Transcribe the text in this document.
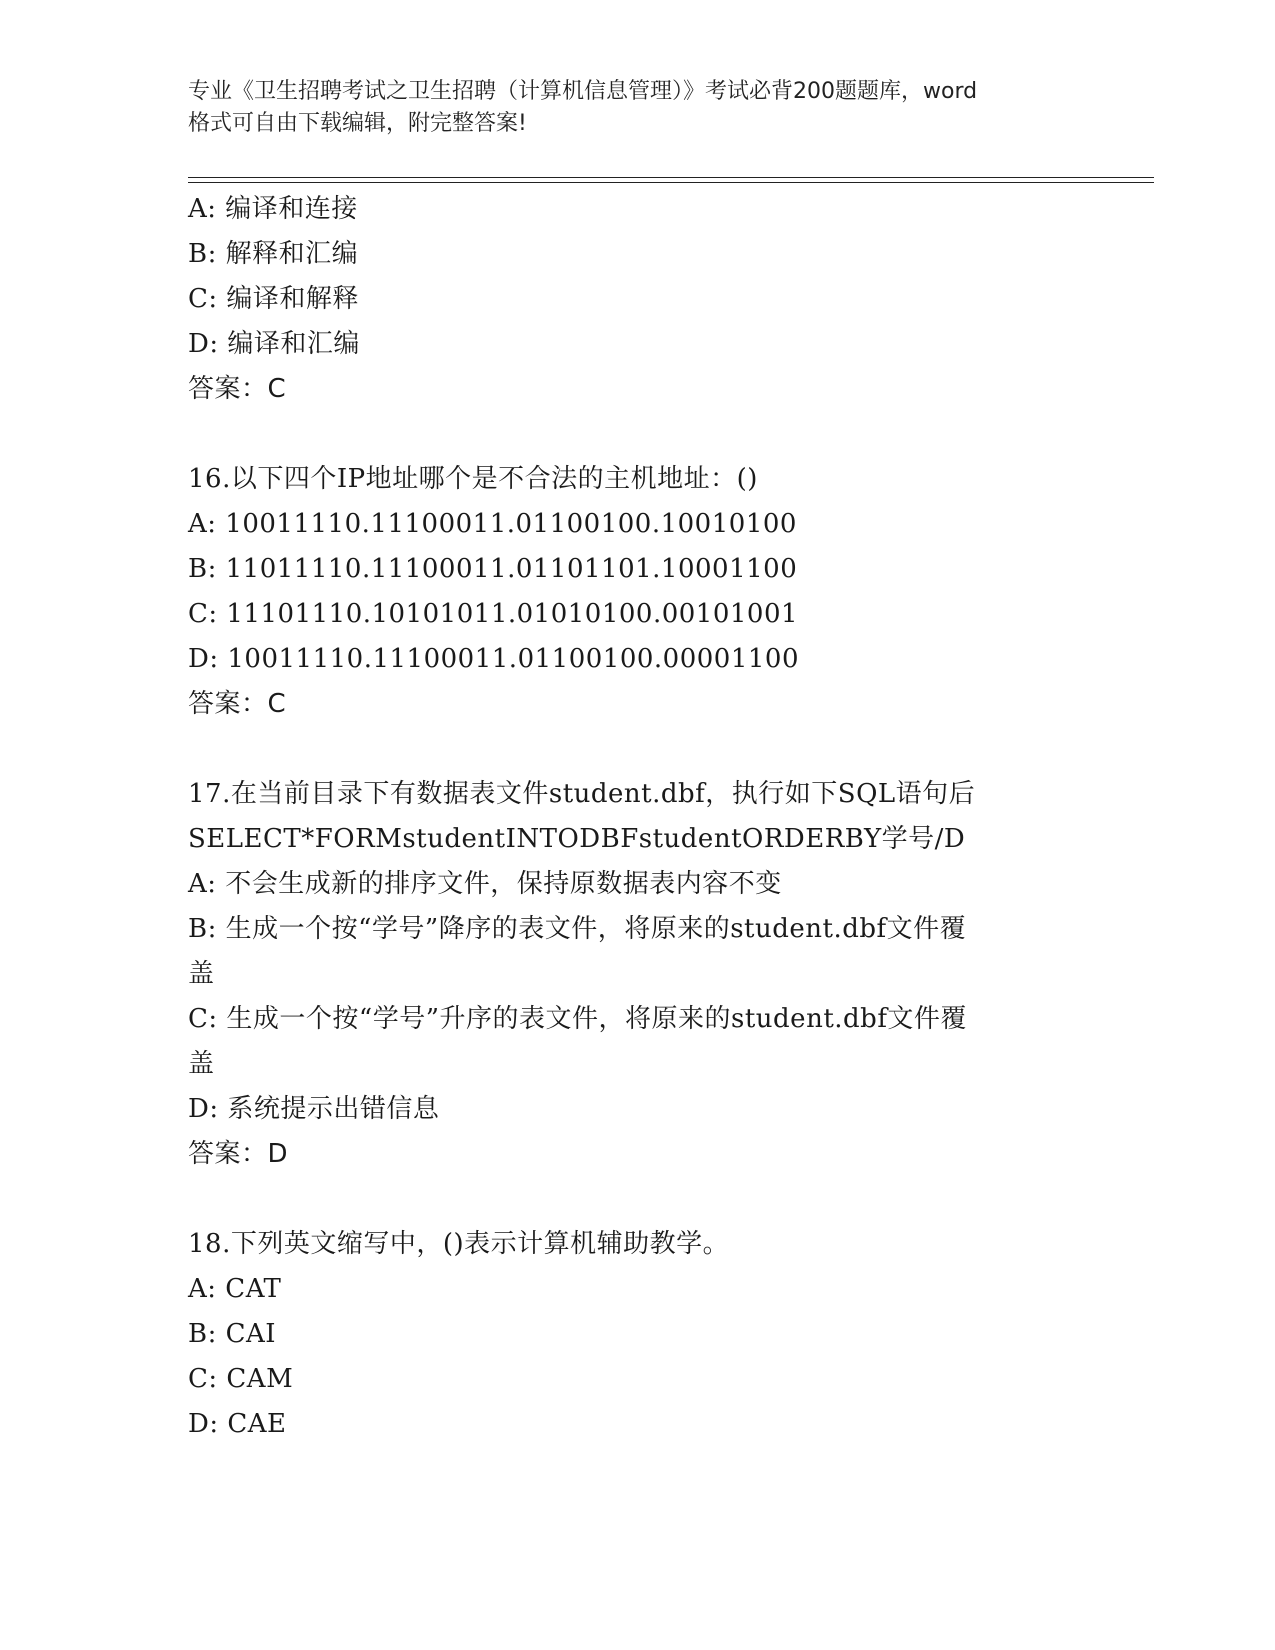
专业《卫生招聘考试之卫生招聘（计算机信息管理）》考试必背200题题库，word
格式可自由下载编辑，附完整答案!
A: 编译和连接
B: 解释和汇编
C: 编译和解释
D: 编译和汇编
答案：C
16.以下四个IP地址哪个是不合法的主机地址：()
A: 10011110.11100011.01100100.10010100
B: 11011110.11100011.01101101.10001100
C: 11101110.10101011.01010100.00101001
D: 10011110.11100011.01100100.00001100
答案：C
17.在当前目录下有数据表文件student.dbf，执行如下SQL语句后
SELECT*FORMstudentINTODBFstudentORDERBY学号/D
A: 不会生成新的排序文件，保持原数据表内容不变
B: 生成一个按“学号”降序的表文件，将原来的student.dbf文件覆
盖
C: 生成一个按“学号”升序的表文件，将原来的student.dbf文件覆
盖
D: 系统提示出错信息
答案：D
18.下列英文缩写中，()表示计算机辅助教学。
A: CAT
B: CAI
C: CAM
D: CAE
